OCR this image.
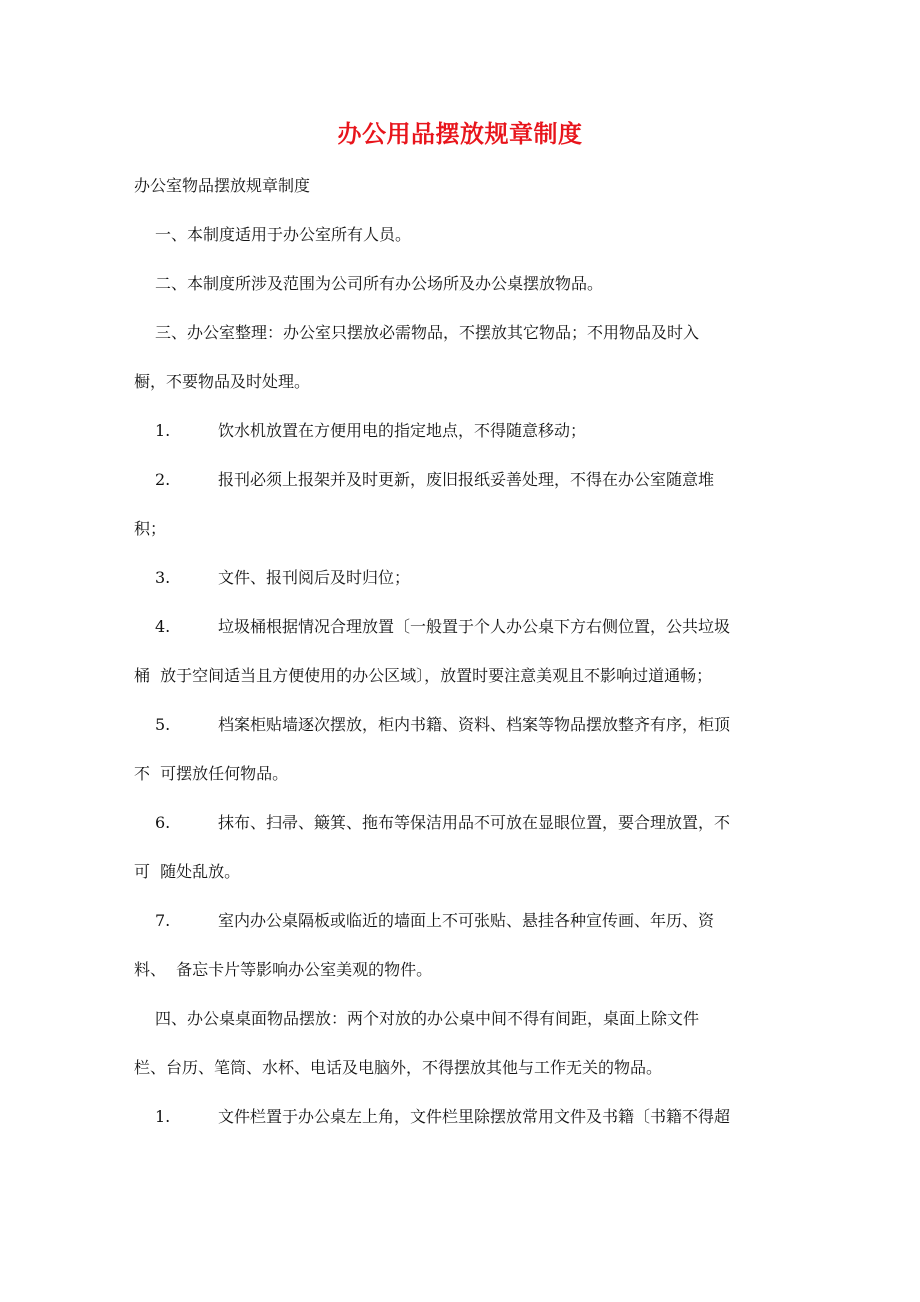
办公用品摆放规章制度
办公室物品摆放规章制度
一、本制度适用于办公室所有人员。
二、本制度所涉及范围为公司所有办公场所及办公桌摆放物品。
三、办公室整理：办公室只摆放必需物品，不摆放其它物品；不用物品及时入
橱，不要物品及时处理。
1.	饮水机放置在方便用电的指定地点，不得随意移动；
2.	报刊必须上报架并及时更新，废旧报纸妥善处理，不得在办公室随意堆
积；
3.	文件、报刊阅后及时归位；
4.	垃圾桶根据情况合理放置〔一般置于个人办公桌下方右侧位置，公共垃圾
桶  放于空间适当且方便使用的办公区域〕，放置时要注意美观且不影响过道通畅；
5.	档案柜贴墙逐次摆放，柜内书籍、资料、档案等物品摆放整齐有序，柜顶
不  可摆放任何物品。
6.	抹布、扫帚、簸箕、拖布等保洁用品不可放在显眼位置，要合理放置，不
可  随处乱放。
7.	室内办公桌隔板或临近的墙面上不可张贴、悬挂各种宣传画、年历、资
料、  备忘卡片等影响办公室美观的物件。
四、办公桌桌面物品摆放：两个对放的办公桌中间不得有间距，桌面上除文件
栏、台历、笔筒、水杯、电话及电脑外，不得摆放其他与工作无关的物品。
1.	文件栏置于办公桌左上角，文件栏里除摆放常用文件及书籍〔书籍不得超
